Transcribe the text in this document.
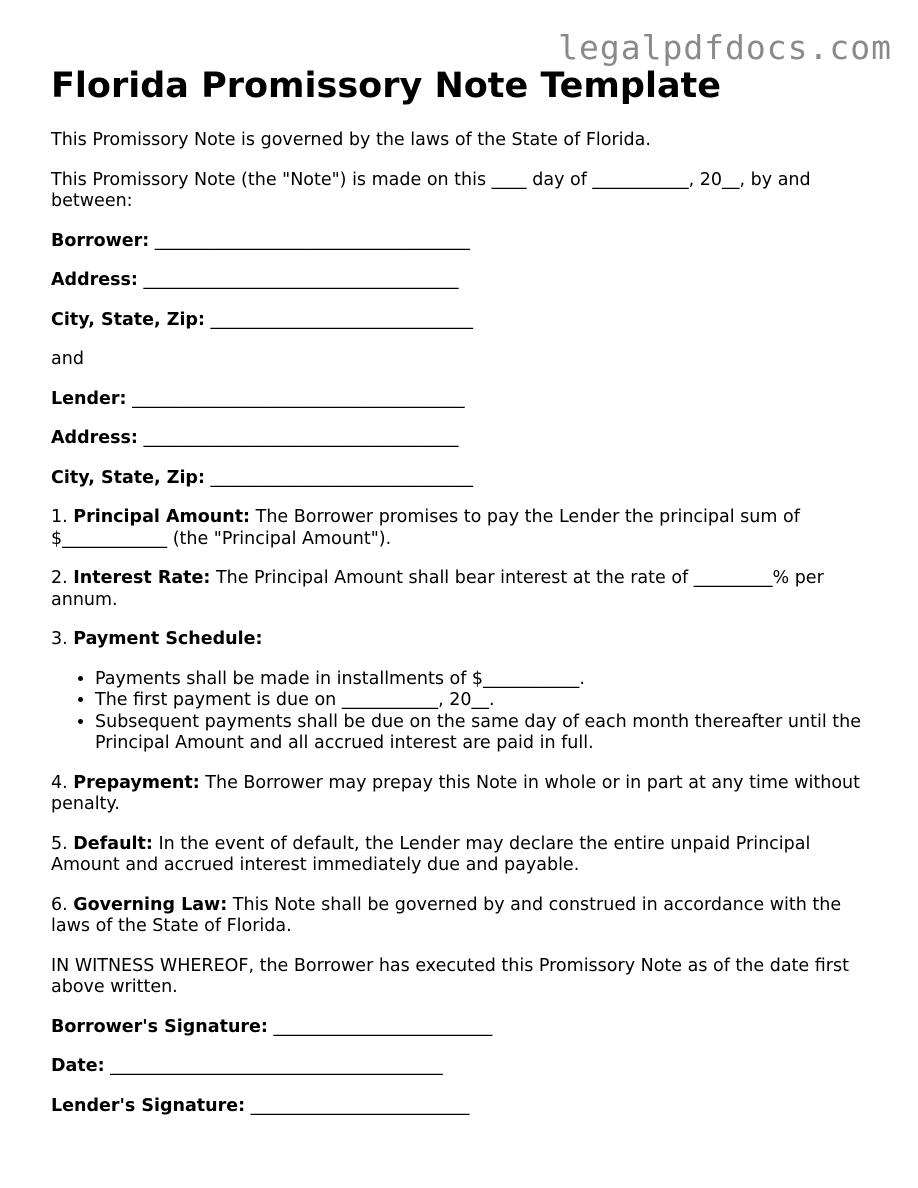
legalpdfdocs.com
Florida Promissory Note Template

This Promissory Note is governed by the laws of the State of Florida.

This Promissory Note (the "Note") is made on this ____ day of ___________, 20__, by and between:

Borrower: ____________________________________

Address: ____________________________________

City, State, Zip: ______________________________

and

Lender: ______________________________________

Address: ____________________________________

City, State, Zip: ______________________________

1. Principal Amount: The Borrower promises to pay the Lender the principal sum of $____________ (the "Principal Amount").

2. Interest Rate: The Principal Amount shall bear interest at the rate of _________% per annum.

3. Payment Schedule:

• Payments shall be made in installments of $___________.
• The first payment is due on ___________, 20__.
• Subsequent payments shall be due on the same day of each month thereafter until the Principal Amount and all accrued interest are paid in full.

4. Prepayment: The Borrower may prepay this Note in whole or in part at any time without penalty.

5. Default: In the event of default, the Lender may declare the entire unpaid Principal Amount and accrued interest immediately due and payable.

6. Governing Law: This Note shall be governed by and construed in accordance with the laws of the State of Florida.

IN WITNESS WHEREOF, the Borrower has executed this Promissory Note as of the date first above written.

Borrower's Signature: _________________________

Date: ______________________________________

Lender's Signature: _________________________
